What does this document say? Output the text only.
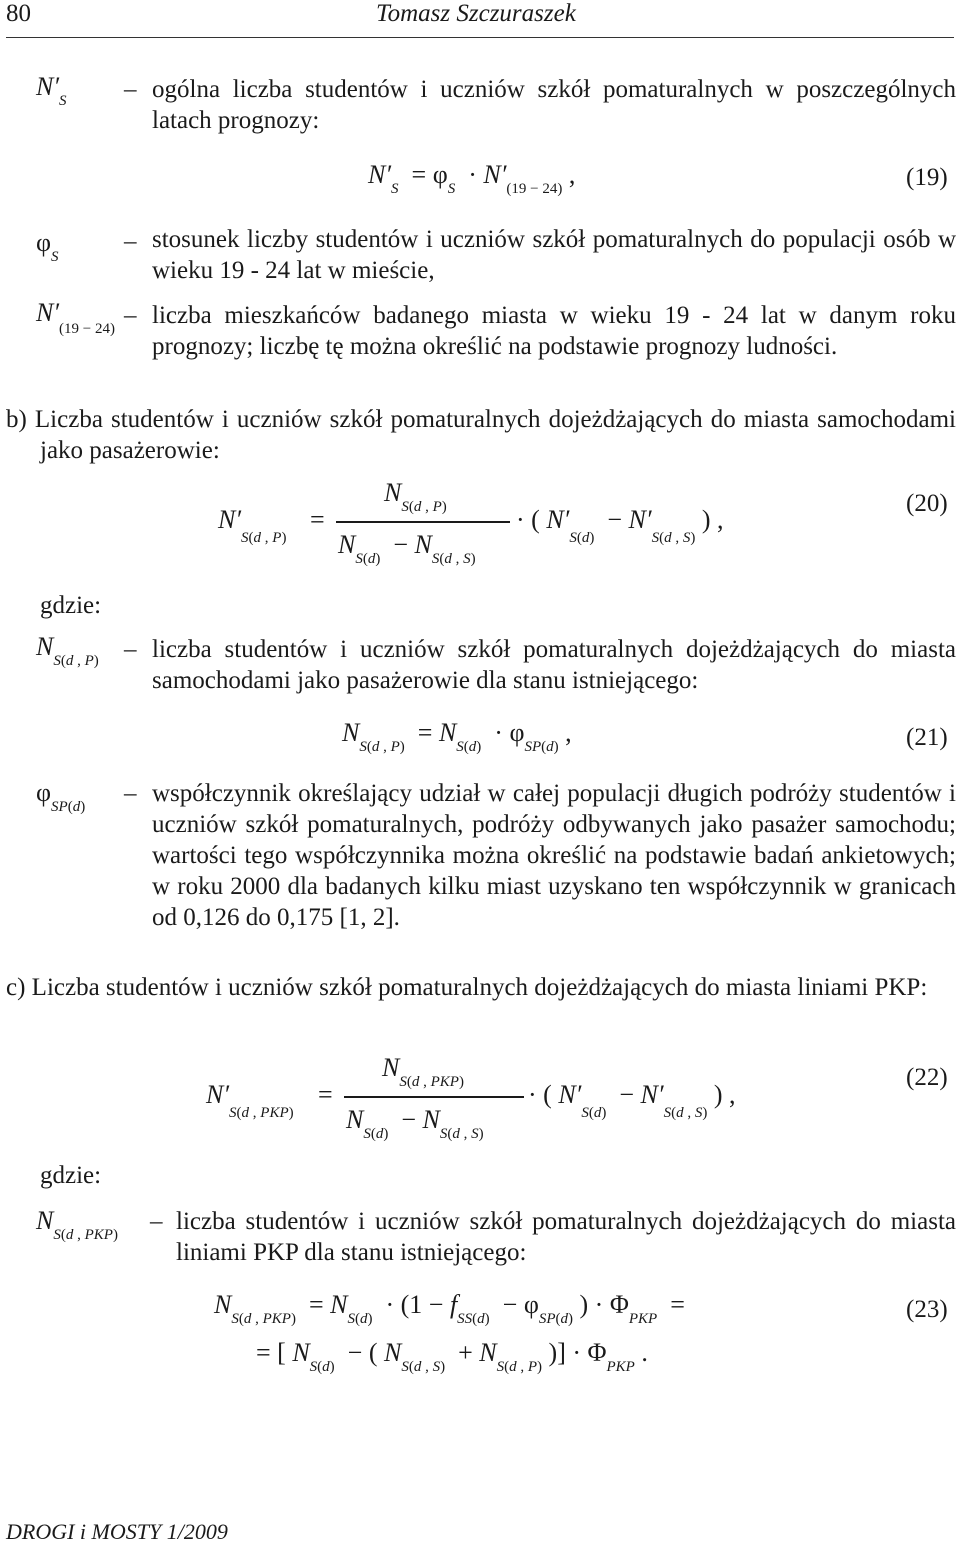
80	Tomasz Szczuraszek
$N'_S$ – ogólna liczba studentów i uczniów szkół pomaturalnych w poszczególnych latach prognozy:
$N'_S = \varphi_S \cdot N'_{(19 - 24)}$ ,	(19)
$\varphi_S$
– stosunek liczby studentów i uczniów szkół pomaturalnych do populacji osób w wieku 19 - 24 lat w mieście,
$N'_{(19 - 24)}$ – liczba mieszkańców badanego miasta w wieku 19 - 24 lat w danym roku prognozy; liczbę tę można określić na podstawie prognozy ludności.
b) Liczba studentów i uczniów szkół pomaturalnych dojeżdżających do miasta samochodami jako pasażerowie:
$N'_{S(d , P)}$
=
$N_{S(d , P)}$
$N_{S(d)} - N_{S(d , S)}$
· ( $N'_{S(d)} - N'_{S(d , S)}$ ) ,
(20)
gdzie:
$N_{S(d , P)}$ – liczba studentów i uczniów szkół pomaturalnych dojeżdżających do miasta samochodami jako pasażerowie dla stanu istniejącego:
$N_{S(d , P)} = N_{S(d)} \cdot \varphi_{SP(d)}$ ,	(21)
$\varphi_{SP(d)}$ – współczynnik określający udział w całej populacji długich podróży studentów i uczniów szkół pomaturalnych, podróży odbywanych jako pasażer samochodu; wartości tego współczynnika można określić na podstawie badań ankietowych; w roku 2000 dla badanych kilku miast uzyskano ten współczynnik w granicach od 0,126 do 0,175 [1, 2].
c) Liczba studentów i uczniów szkół pomaturalnych dojeżdżających do miasta liniami PKP:
$N'_{S(d , PKP)}$
=
$N_{S(d , PKP)}$
$N_{S(d)} - N_{S(d , S)}$
· ( $N'_{S(d)} - N'_{S(d , S)}$ ) ,
(22)
gdzie:
$N_{S(d , PKP)}$ – liczba studentów i uczniów szkół pomaturalnych dojeżdżających do miasta liniami PKP dla stanu istniejącego:
$N_{S(d , PKP)} = N_{S(d)} \cdot (1 - f_{SS(d)} - \varphi_{SP(d)}$ ) · $\Phi_{PKP}$  =	(23)
= [ $N_{S(d)}$  − ( $N_{S(d , S)} + N_{S(d , P)}$ )] · $\Phi_{PKP}$ .
DROGI i MOSTY 1/2009
